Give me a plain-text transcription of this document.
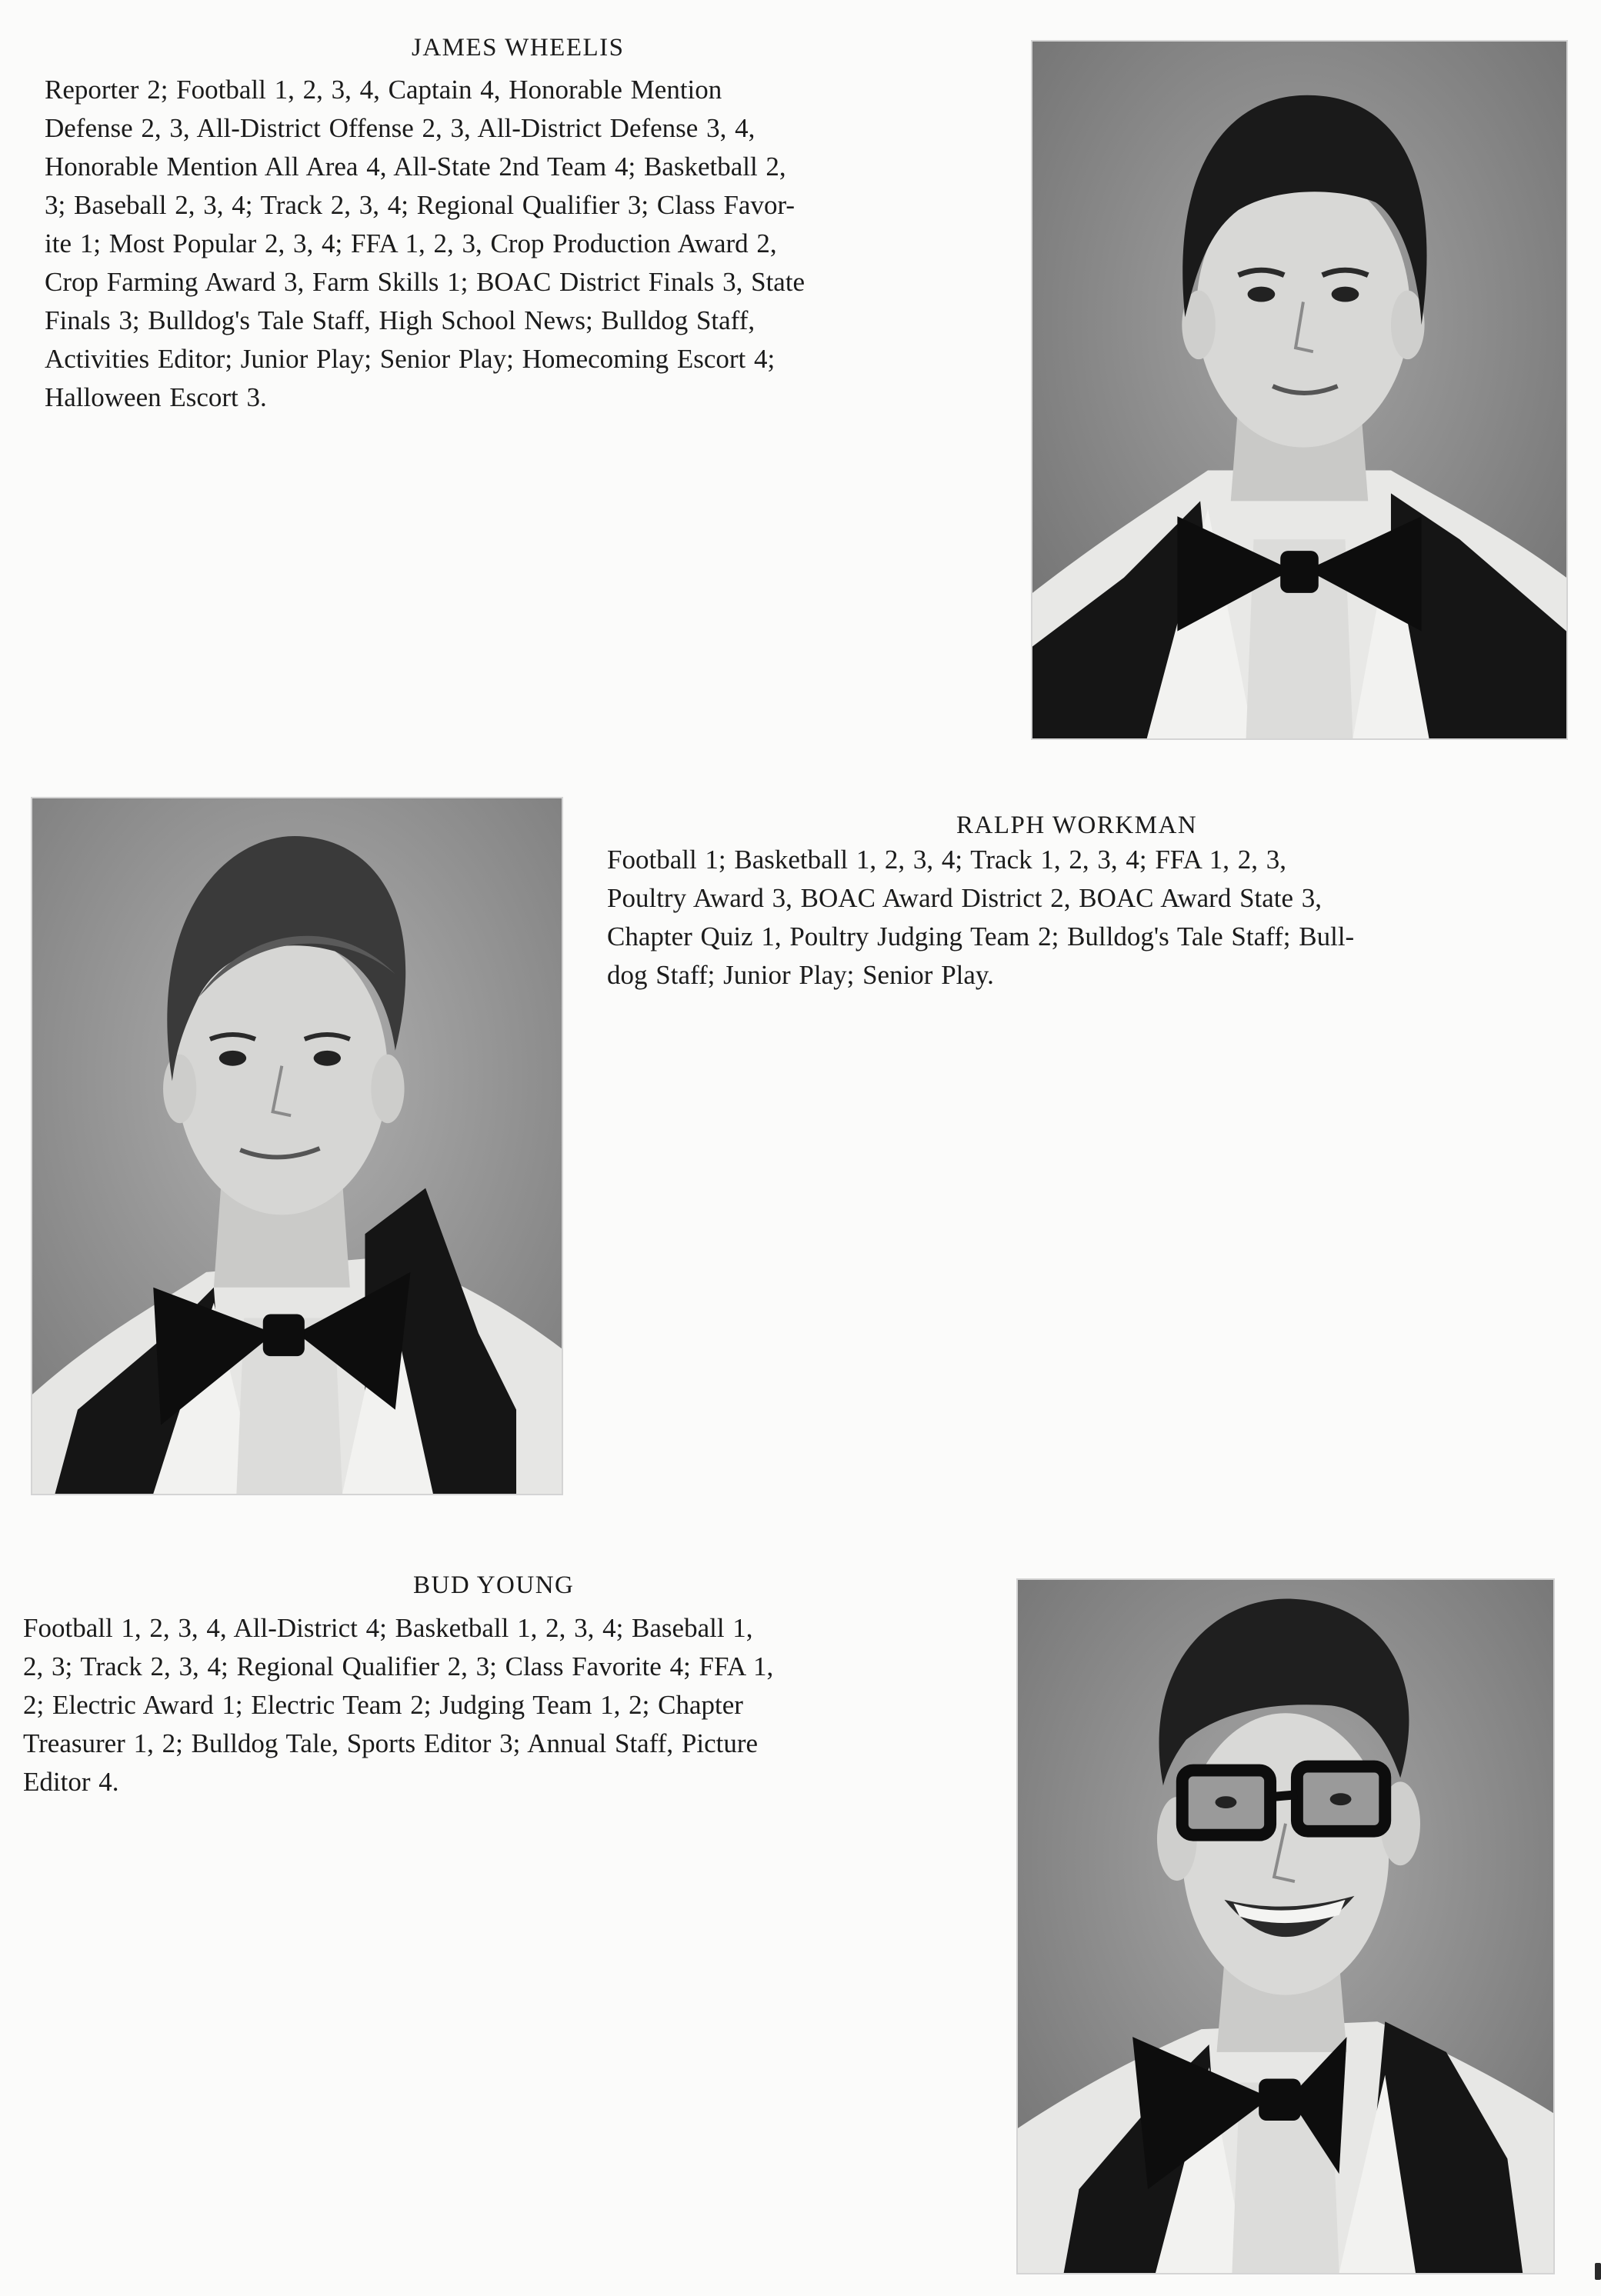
JAMES WHEELIS
Reporter 2; Football 1, 2, 3, 4, Captain 4, Honorable Mention
Defense 2, 3, All-District Offense 2, 3, All-District Defense 3, 4,
Honorable Mention All Area 4, All-State 2nd Team 4; Basketball 2,
3; Baseball 2, 3, 4; Track 2, 3, 4; Regional Qualifier 3; Class Favor-
ite 1; Most Popular 2, 3, 4; FFA 1, 2, 3, Crop Production Award 2,
Crop Farming Award 3, Farm Skills 1; BOAC District Finals 3, State
Finals 3; Bulldog's Tale Staff, High School News; Bulldog Staff,
Activities Editor; Junior Play; Senior Play; Homecoming Escort 4;
Halloween Escort 3.
RALPH WORKMAN
Football 1; Basketball 1, 2, 3, 4; Track 1, 2, 3, 4; FFA 1, 2, 3,
Poultry Award 3, BOAC Award District 2, BOAC Award State 3,
Chapter Quiz 1, Poultry Judging Team 2; Bulldog's Tale Staff; Bull-
dog Staff; Junior Play; Senior Play.
BUD YOUNG
Football 1, 2, 3, 4, All-District 4; Basketball 1, 2, 3, 4; Baseball 1,
2, 3; Track 2, 3, 4; Regional Qualifier 2, 3; Class Favorite 4; FFA 1,
2; Electric Award 1; Electric Team 2; Judging Team 1, 2; Chapter
Treasurer 1, 2; Bulldog Tale, Sports Editor 3; Annual Staff, Picture
Editor 4.
